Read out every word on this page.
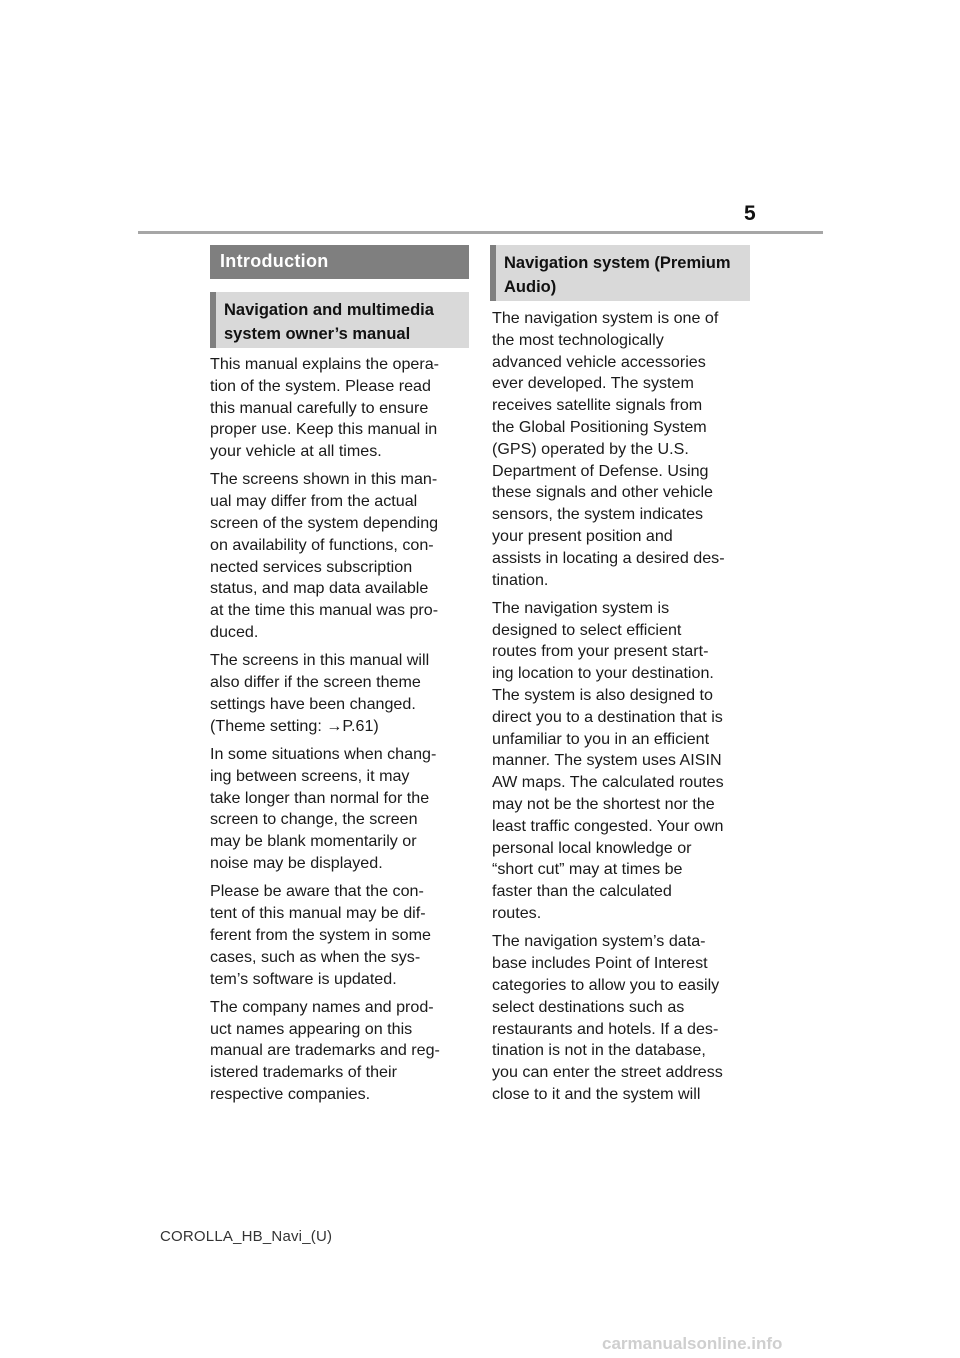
5
Introduction
Navigation and multimedia
system owner’s manual

This manual explains the opera-
tion of the system. Please read
this manual carefully to ensure
proper use. Keep this manual in
your vehicle at all times.

The screens shown in this man-
ual may differ from the actual
screen of the system depending
on availability of functions, con-
nected services subscription
status, and map data available
at the time this manual was pro-
duced.

The screens in this manual will
also differ if the screen theme
settings have been changed.
(Theme setting: →P.61)

In some situations when chang-
ing between screens, it may
take longer than normal for the
screen to change, the screen
may be blank momentarily or
noise may be displayed.

Please be aware that the con-
tent of this manual may be dif-
ferent from the system in some
cases, such as when the sys-
tem’s software is updated.

The company names and prod-
uct names appearing on this
manual are trademarks and reg-
istered trademarks of their
respective companies.

Navigation system (Premium
Audio)

The navigation system is one of
the most technologically
advanced vehicle accessories
ever developed. The system
receives satellite signals from
the Global Positioning System
(GPS) operated by the U.S.
Department of Defense. Using
these signals and other vehicle
sensors, the system indicates
your present position and
assists in locating a desired des-
tination.

The navigation system is
designed to select efficient
routes from your present start-
ing location to your destination.
The system is also designed to
direct you to a destination that is
unfamiliar to you in an efficient
manner. The system uses AISIN
AW maps. The calculated routes
may not be the shortest nor the
least traffic congested. Your own
personal local knowledge or
“short cut” may at times be
faster than the calculated
routes.

The navigation system’s data-
base includes Point of Interest
categories to allow you to easily
select destinations such as
restaurants and hotels. If a des-
tination is not in the database,
you can enter the street address
close to it and the system will

COROLLA_HB_Navi_(U)
carmanualsonline.info
